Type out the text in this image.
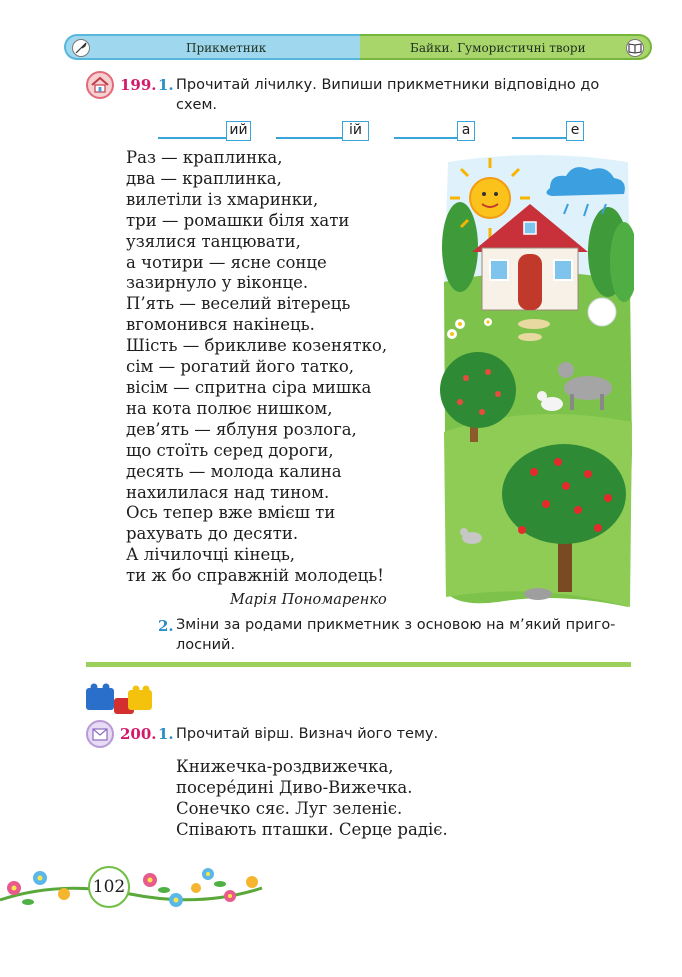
Прикметник	Байки. Гумористичні твори
199. 1. Прочитай лічилку. Випиши прикметники відповідно до
схем.
ий	ій	а	е
Раз — краплинка,
два — краплинка,
вилетіли із хмаринки,
три — ромашки біля хати
узялися танцювати,
а чотири — ясне сонце
зазирнуло у віконце.
П’ять — веселий вітерець
вгомонився накінець.
Шість — брикливе козенятко,
сім — рогатий його татко,
вісім — спритна сіра мишка
на кота полює нишком,
дев’ять — яблуня розлога,
що стоїть серед дороги,
десять — молода калина
нахилилася над тином.
Ось тепер вже вмієш ти
рахувать до десяти.
А лічилочці кінець,
ти ж бо справжній молодець!
Марія Пономаренко
2. Зміни за родами прикметник з основою на м’який приго-
лосний.
200. 1. Прочитай вірш. Визнач його тему.
Книжечка-роздвижечка,
посере́дині Диво-Вижечка.
Сонечко сяє. Луг зеленіє.
Співають пташки. Серце радіє.
102
